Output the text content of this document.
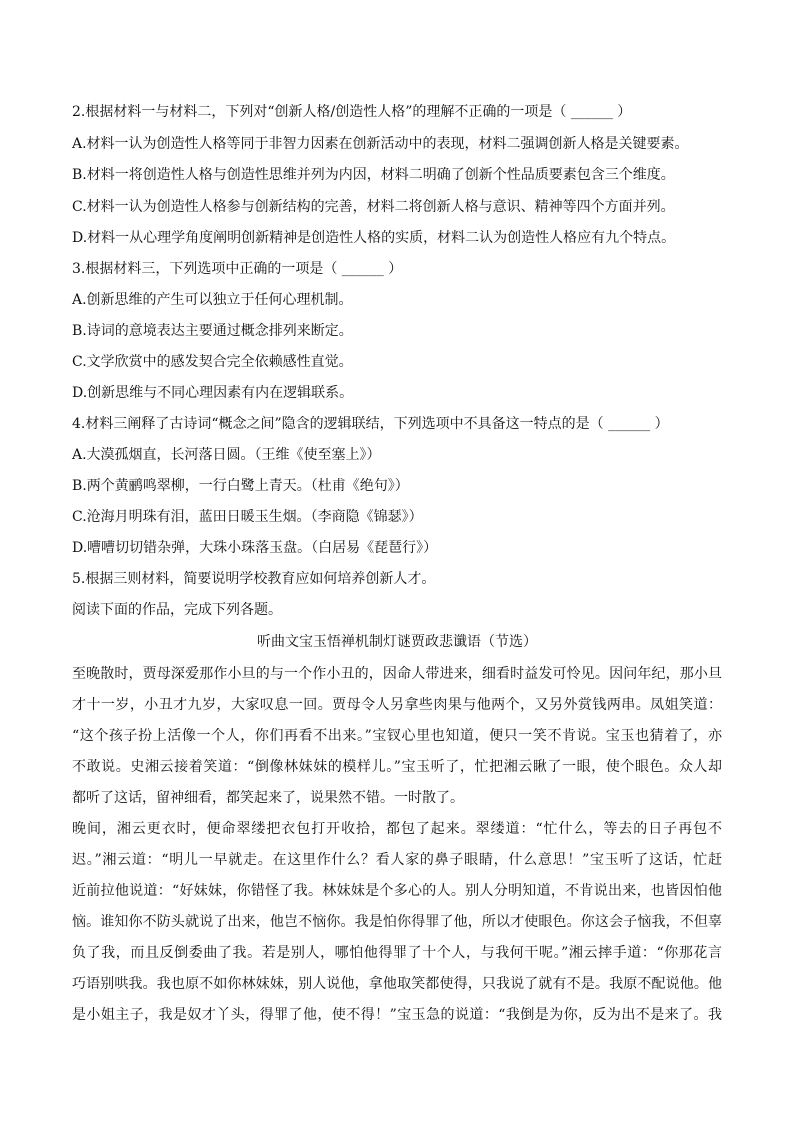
2.根据材料一与材料二，下列对“创新人格/创造性人格”的理解不正确的一项是（ ______ ）
A.材料一认为创造性人格等同于非智力因素在创新活动中的表现，材料二强调创新人格是关键要素。
B.材料一将创造性人格与创造性思维并列为内因，材料二明确了创新个性品质要素包含三个维度。
C.材料一认为创造性人格参与创新结构的完善，材料二将创新人格与意识、精神等四个方面并列。
D.材料一从心理学角度阐明创新精神是创造性人格的实质，材料二认为创造性人格应有九个特点。
3.根据材料三，下列选项中正确的一项是（ ______ ）
A.创新思维的产生可以独立于任何心理机制。
B.诗词的意境表达主要通过概念排列来断定。
C.文学欣赏中的感发契合完全依赖感性直觉。
D.创新思维与不同心理因素有内在逻辑联系。
4.材料三阐释了古诗词“概念之间”隐含的逻辑联结，下列选项中不具备这一特点的是（ ______ ）
A.大漠孤烟直，长河落日圆。（王维《使至塞上》）
B.两个黄鹂鸣翠柳，一行白鹭上青天。（杜甫《绝句》）
C.沧海月明珠有泪，蓝田日暖玉生烟。（李商隐《锦瑟》）
D.嘈嘈切切错杂弹，大珠小珠落玉盘。（白居易《琵琶行》）
5.根据三则材料，简要说明学校教育应如何培养创新人才。
阅读下面的作品，完成下列各题。
听曲文宝玉悟禅机制灯谜贾政悲谶语（节选）
至晚散时，贾母深爱那作小旦的与一个作小丑的，因命人带进来，细看时益发可怜见。因问年纪，那小旦
才十一岁，小丑才九岁，大家叹息一回。贾母令人另拿些肉果与他两个，又另外赏钱两串。凤姐笑道：
“这个孩子扮上活像一个人，你们再看不出来。”宝钗心里也知道，便只一笑不肯说。宝玉也猜着了，亦
不敢说。史湘云接着笑道：“倒像林妹妹的模样儿。”宝玉听了，忙把湘云瞅了一眼，使个眼色。众人却
都听了这话，留神细看，都笑起来了，说果然不错。一时散了。
晚间，湘云更衣时，便命翠缕把衣包打开收拾，都包了起来。翠缕道：“忙什么，等去的日子再包不
迟。”湘云道：“明儿一早就走。在这里作什么？看人家的鼻子眼睛，什么意思！”宝玉听了这话，忙赶
近前拉他说道：“好妹妹，你错怪了我。林妹妹是个多心的人。别人分明知道，不肯说出来，也皆因怕他
恼。谁知你不防头就说了出来，他岂不恼你。我是怕你得罪了他，所以才使眼色。你这会子恼我，不但辜
负了我，而且反倒委曲了我。若是别人，哪怕他得罪了十个人，与我何干呢。”湘云摔手道：“你那花言
巧语别哄我。我也原不如你林妹妹，别人说他，拿他取笑都使得，只我说了就有不是。我原不配说他。他
是小姐主子，我是奴才丫头，得罪了他，使不得！”宝玉急的说道：“我倒是为你，反为出不是来了。我
